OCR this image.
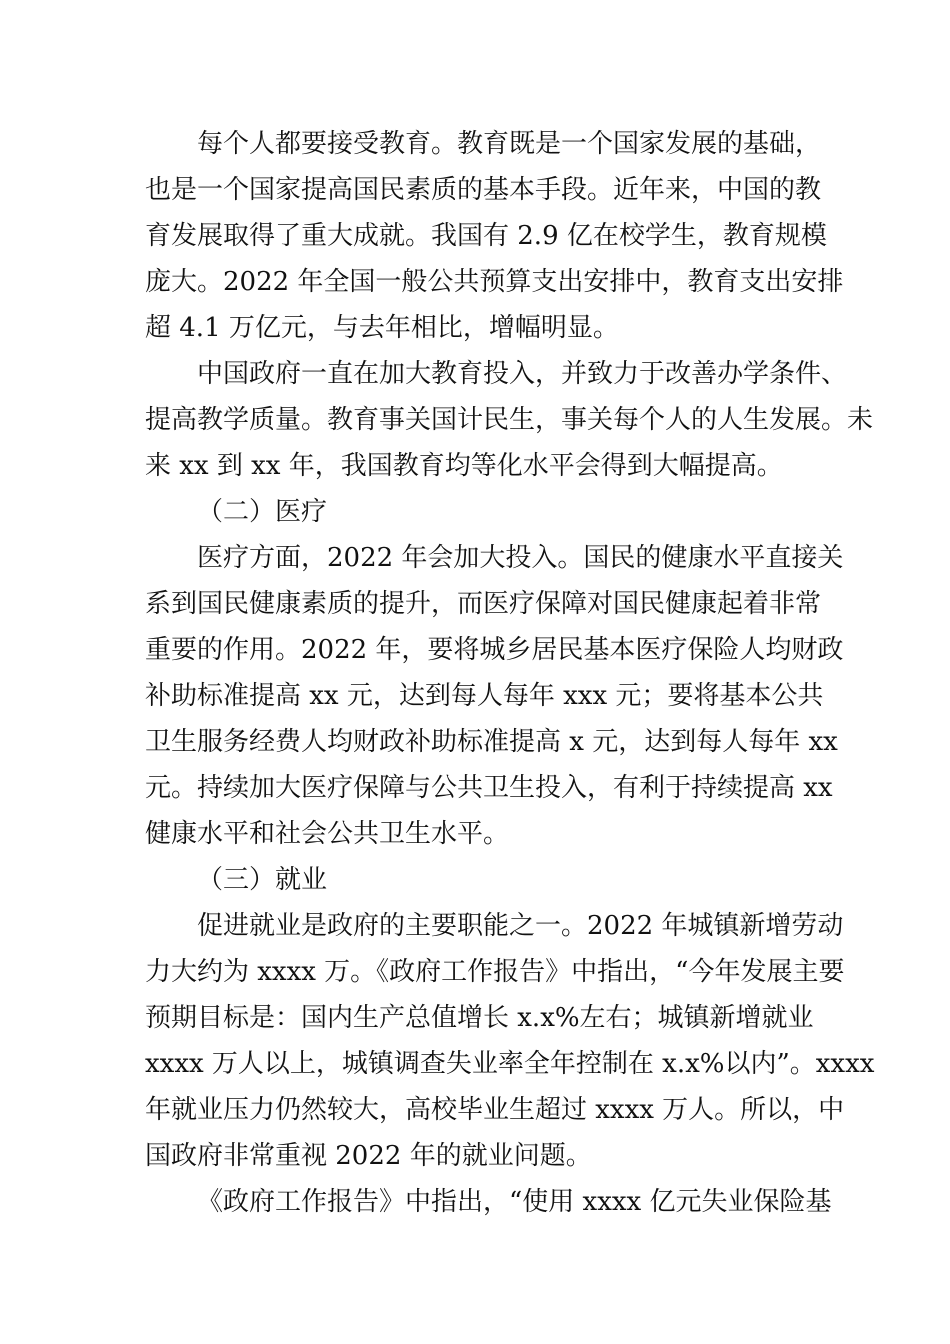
每个人都要接受教育。教育既是一个国家发展的基础，
也是一个国家提高国民素质的基本手段。近年来，中国的教
育发展取得了重大成就。我国有 2.9 亿在校学生，教育规模
庞大。2022 年全国一般公共预算支出安排中，教育支出安排
超 4.1 万亿元，与去年相比，增幅明显。
中国政府一直在加大教育投入，并致力于改善办学条件、
提高教学质量。教育事关国计民生，事关每个人的人生发展。未
来 xx 到 xx 年，我国教育均等化水平会得到大幅提高。
（二）医疗
医疗方面，2022 年会加大投入。国民的健康水平直接关
系到国民健康素质的提升，而医疗保障对国民健康起着非常
重要的作用。2022 年，要将城乡居民基本医疗保险人均财政
补助标准提高 xx 元，达到每人每年 xxx 元；要将基本公共
卫生服务经费人均财政补助标准提高 x 元，达到每人每年 xx
元。持续加大医疗保障与公共卫生投入，有利于持续提高 xx
健康水平和社会公共卫生水平。
（三）就业
促进就业是政府的主要职能之一。2022 年城镇新增劳动
力大约为 xxxx 万。《政府工作报告》中指出，“今年发展主要
预期目标是：国内生产总值增长 x.x%左右；城镇新增就业
xxxx 万人以上，城镇调查失业率全年控制在 x.x%以内”。xxxx
年就业压力仍然较大，高校毕业生超过 xxxx 万人。所以，中
国政府非常重视 2022 年的就业问题。
《政府工作报告》中指出，“使用 xxxx 亿元失业保险基
